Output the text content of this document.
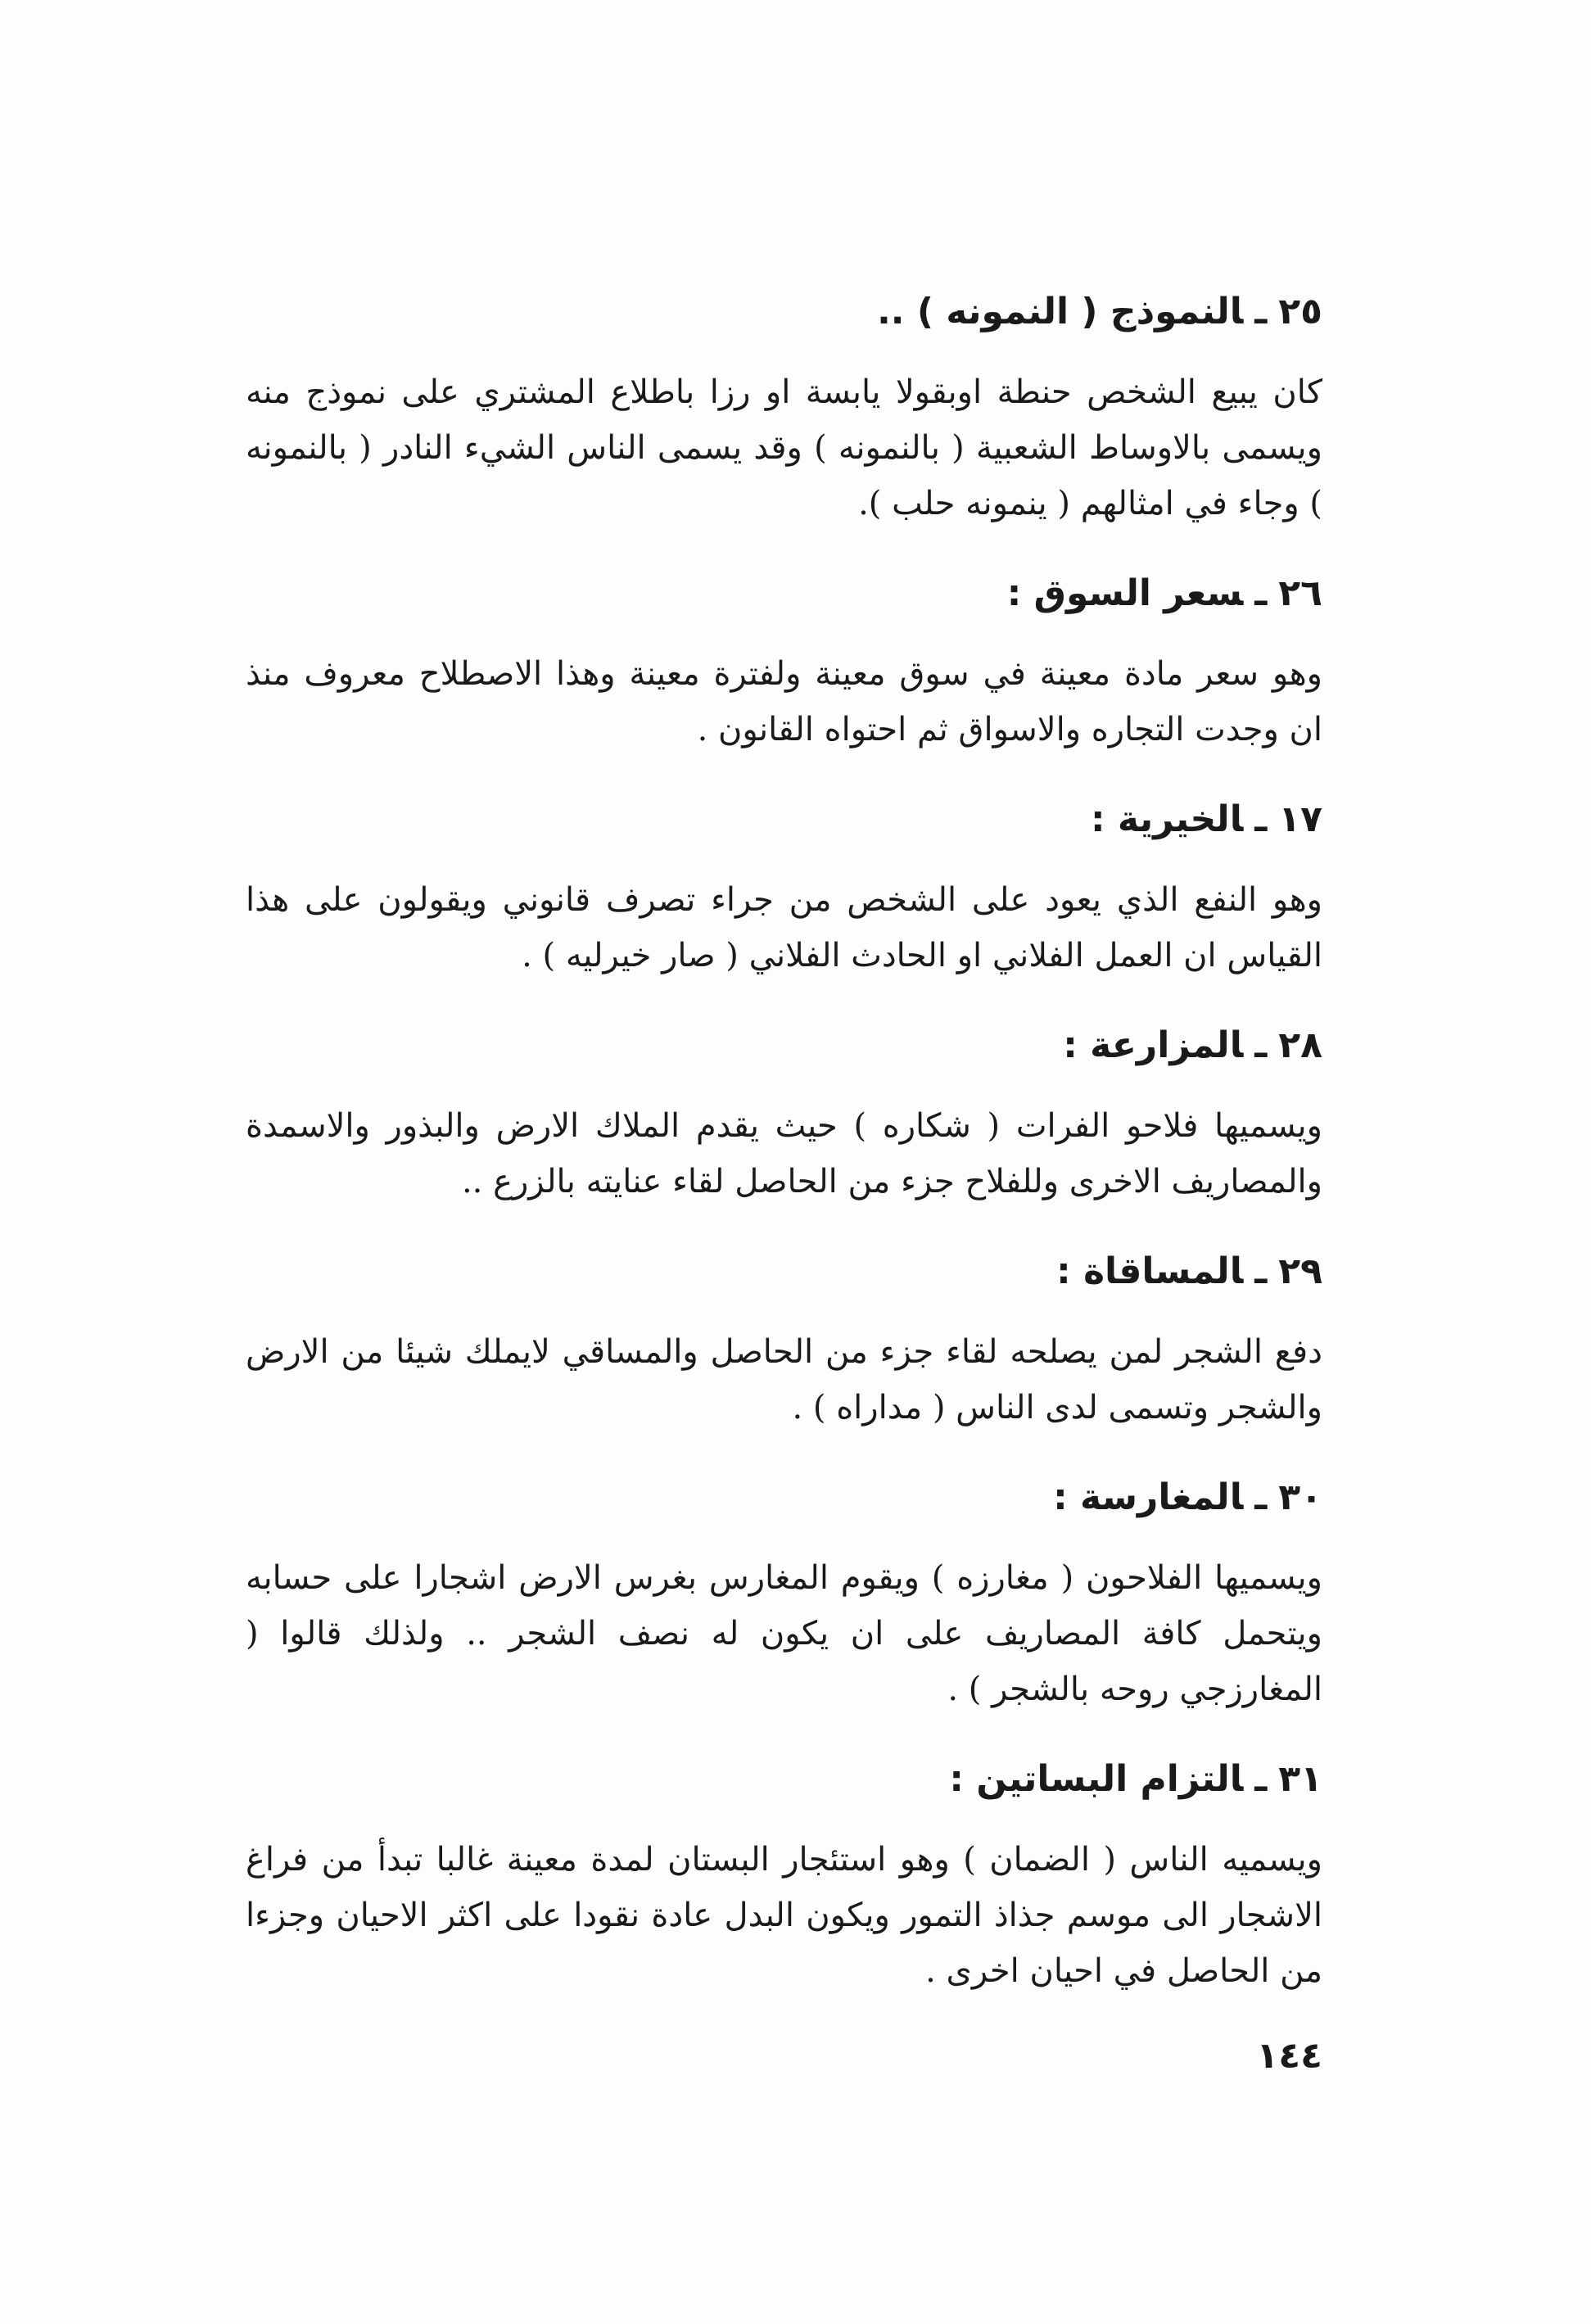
٢٥ـالنموذج ( النمونه ) ..

كان يبيع الشخص حنطة اوبقولا يابسة او رزا باطلاع المشتري على نموذج منه ويسمى بالاوساط الشعبية ( بالنمونه ) وقد يسمى الناس الشيء النادر ( بالنمونه ) وجاء في امثالهم ( ينمونه حلب ).

٢٦ـسعر السوق :

وهو سعر مادة معينة في سوق معينة ولفترة معينة وهذا الاصطلاح معروف منذ ان وجدت التجاره والاسواق ثم احتواه القانون .

١٧ـالخيرية :

وهو النفع الذي يعود على الشخص من جراء تصرف قانوني ويقولون على هذا القياس ان العمل الفلاني او الحادث الفلاني ( صار خيرليه ) .

٢٨ـالمزارعة :

ويسميها فلاحو الفرات ( شكاره ) حيث يقدم الملاك الارض والبذور والاسمدة والمصاريف الاخرى وللفلاح جزء من الحاصل لقاء عنايته بالزرع ..

٢٩ـالمساقاة :

دفع الشجر لمن يصلحه لقاء جزء من الحاصل والمساقي لايملك شيئا من الارض والشجر وتسمى لدى الناس ( مداراه ) .

٣٠ـالمغارسة :

ويسميها الفلاحون ( مغارزه ) ويقوم المغارس بغرس الارض اشجارا على حسابه ويتحمل كافة المصاريف على ان يكون له نصف الشجر .. ولذلك قالوا ( المغارزجي روحه بالشجر ) .

٣١ـالتزام البساتين :

ويسميه الناس ( الضمان ) وهو استئجار البستان لمدة معينة غالبا تبدأ من فراغ الاشجار الى موسم جذاذ التمور ويكون البدل عادة نقودا على اكثر الاحيان وجزءا من الحاصل في احيان اخرى .

١٤٤
